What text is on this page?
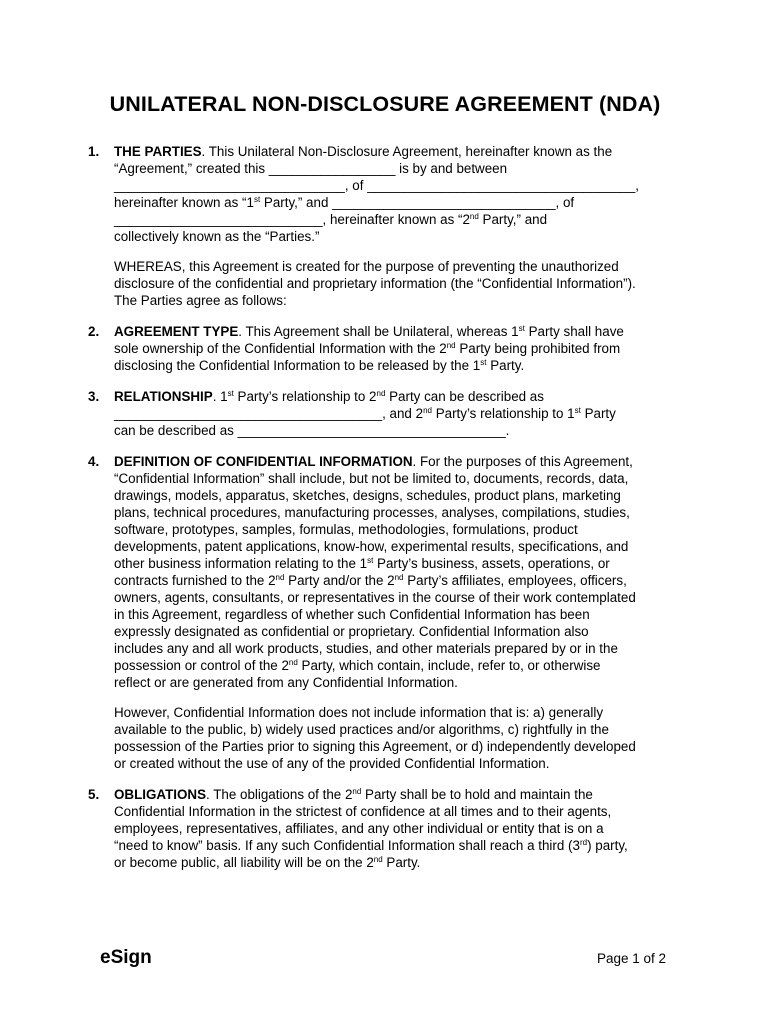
UNILATERAL NON-DISCLOSURE AGREEMENT (NDA)
1. THE PARTIES. This Unilateral Non-Disclosure Agreement, hereinafter known as the
“Agreement,” created this _________________ is by and between
_______________________________, of ____________________________________,
hereinafter known as “1st Party,” and ______________________________, of
____________________________, hereinafter known as “2nd Party,” and
collectively known as the “Parties.”
WHEREAS, this Agreement is created for the purpose of preventing the unauthorized
disclosure of the confidential and proprietary information (the “Confidential Information”).
The Parties agree as follows:
2. AGREEMENT TYPE. This Agreement shall be Unilateral, whereas 1st Party shall have
sole ownership of the Confidential Information with the 2nd Party being prohibited from
disclosing the Confidential Information to be released by the 1st Party.
3. RELATIONSHIP. 1st Party’s relationship to 2nd Party can be described as
____________________________________, and 2nd Party’s relationship to 1st Party
can be described as ____________________________________.
4. DEFINITION OF CONFIDENTIAL INFORMATION. For the purposes of this Agreement,
“Confidential Information” shall include, but not be limited to, documents, records, data,
drawings, models, apparatus, sketches, designs, schedules, product plans, marketing
plans, technical procedures, manufacturing processes, analyses, compilations, studies,
software, prototypes, samples, formulas, methodologies, formulations, product
developments, patent applications, know-how, experimental results, specifications, and
other business information relating to the 1st Party’s business, assets, operations, or
contracts furnished to the 2nd Party and/or the 2nd Party’s affiliates, employees, officers,
owners, agents, consultants, or representatives in the course of their work contemplated
in this Agreement, regardless of whether such Confidential Information has been
expressly designated as confidential or proprietary. Confidential Information also
includes any and all work products, studies, and other materials prepared by or in the
possession or control of the 2nd Party, which contain, include, refer to, or otherwise
reflect or are generated from any Confidential Information.
However, Confidential Information does not include information that is: a) generally
available to the public, b) widely used practices and/or algorithms, c) rightfully in the
possession of the Parties prior to signing this Agreement, or d) independently developed
or created without the use of any of the provided Confidential Information.
5. OBLIGATIONS. The obligations of the 2nd Party shall be to hold and maintain the
Confidential Information in the strictest of confidence at all times and to their agents,
employees, representatives, affiliates, and any other individual or entity that is on a
“need to know” basis. If any such Confidential Information shall reach a third (3rd) party,
or become public, all liability will be on the 2nd Party.
eSign	Page 1 of 2
